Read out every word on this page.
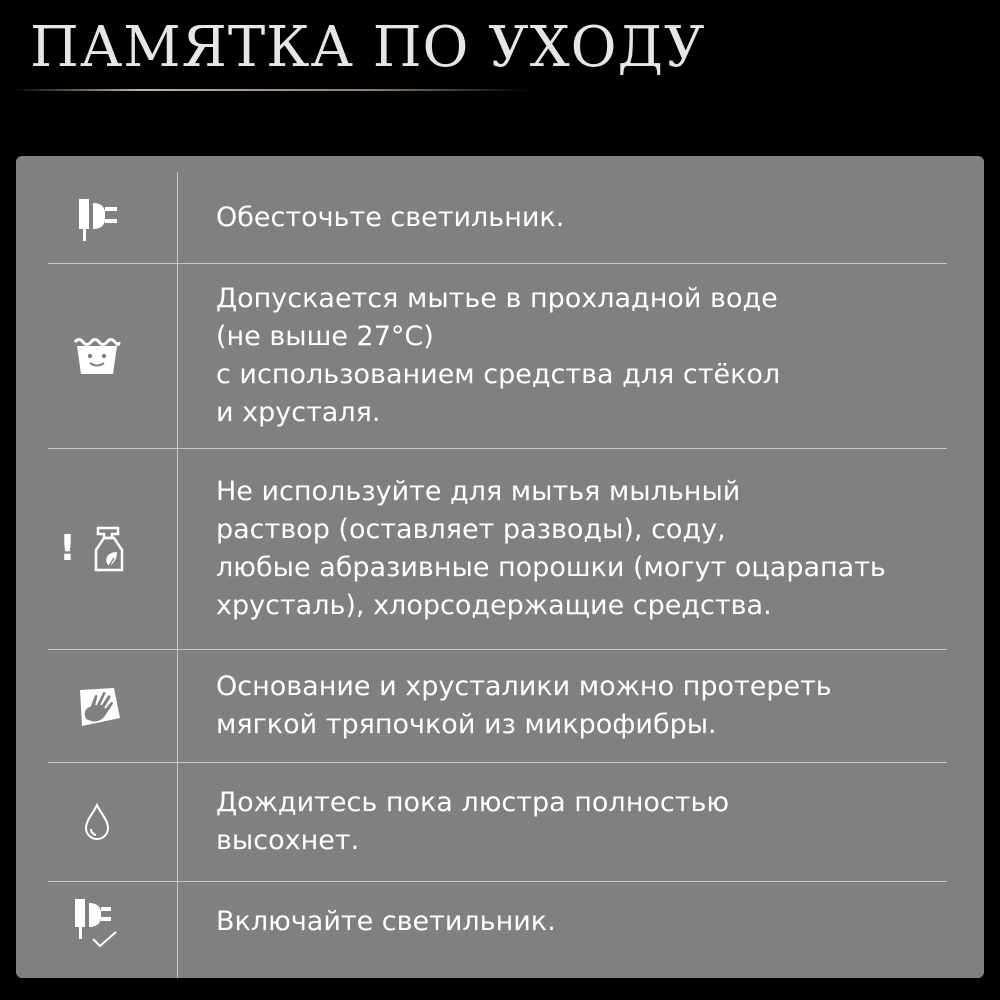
ПАМЯТКА ПО УХОДУ
Обесточьте светильник.
Допускается мытье в прохладной воде
(не выше 27°C)
с использованием средства для стёкол
и хрусталя.
!
Не используйте для мытья мыльный
раствор (оставляет разводы), соду,
любые абразивные порошки (могут оцарапать
хрусталь), хлорсодержащие средства.
Основание и хрусталики можно протереть
мягкой тряпочкой из микрофибры.
Дождитесь пока люстра полностью
высохнет.
Включайте светильник.
